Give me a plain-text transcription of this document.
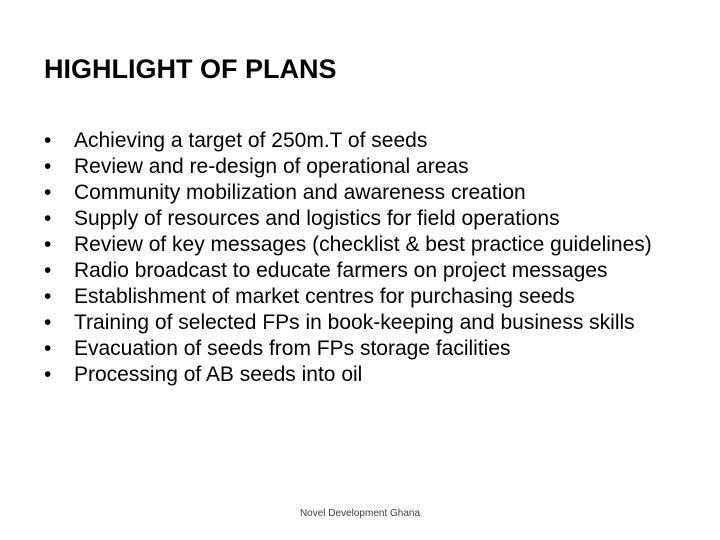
HIGHLIGHT OF PLANS
•	Achieving a target of 250m.T of seeds
•	Review and re-design of operational areas
•	Community mobilization and awareness creation
•	Supply of resources and logistics for field operations
•	Review of key messages (checklist & best practice guidelines)
•	Radio broadcast to educate farmers on project messages
•	Establishment of market centres for purchasing seeds
•	Training of selected FPs in book-keeping and business skills
•	Evacuation of seeds from FPs storage facilities
•	Processing of AB seeds into oil
Novel Development Ghana
